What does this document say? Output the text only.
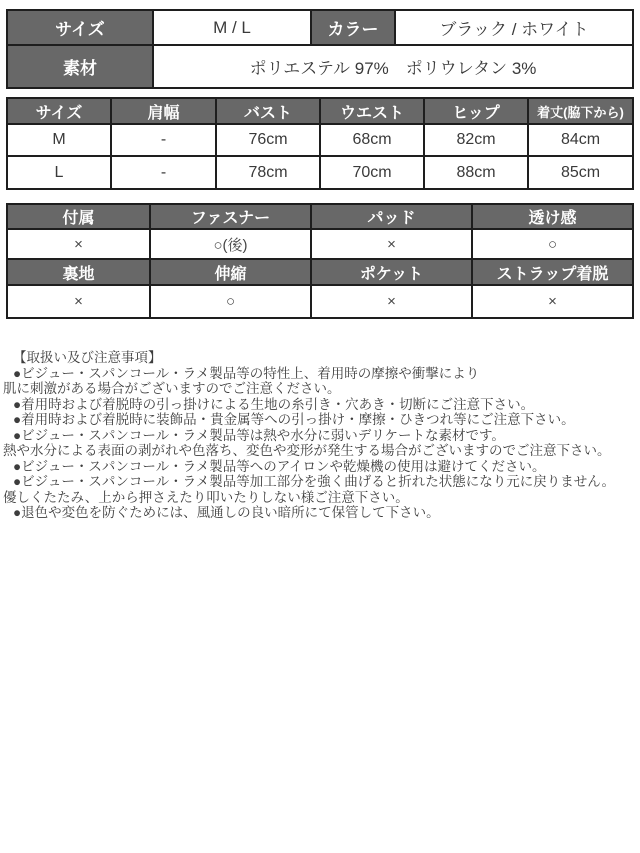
サイズ	M / L	カラー	ブラック / ホワイト
素材	ポリエステル 97%　ポリウレタン 3%		
サイズ	肩幅	バスト	ウエスト	ヒップ	着丈(脇下から)
M	-	76cm	68cm	82cm	84cm
L	-	78cm	70cm	88cm	85cm
付属	ファスナー	パッド	透け感
×	○(後)	×	○
裏地	伸縮	ポケット	ストラップ着脱
×	○	×	×
【取扱い及び注意事項】
●ビジュー・スパンコール・ラメ製品等の特性上、着用時の摩擦や衝撃により
肌に刺激がある場合がございますのでご注意ください。
●着用時および着脱時の引っ掛けによる生地の糸引き・穴あき・切断にご注意下さい。
●着用時および着脱時に装飾品・貴金属等への引っ掛け・摩擦・ひきつれ等にご注意下さい。
●ビジュー・スパンコール・ラメ製品等は熱や水分に弱いデリケートな素材です。
熱や水分による表面の剥がれや色落ち、変色や変形が発生する場合がございますのでご注意下さい。
●ビジュー・スパンコール・ラメ製品等へのアイロンや乾燥機の使用は避けてください。
●ビジュー・スパンコール・ラメ製品等加工部分を強く曲げると折れた状態になり元に戻りません。
優しくたたみ、上から押さえたり叩いたりしない様ご注意下さい。
●退色や変色を防ぐためには、風通しの良い暗所にて保管して下さい。
